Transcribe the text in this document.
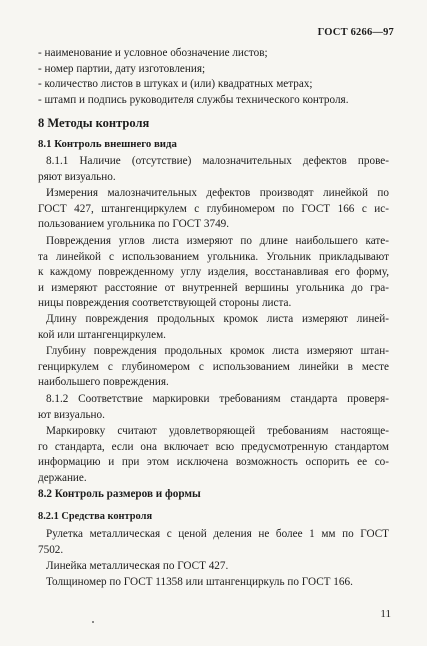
ГОСТ 6266—97
- наименование и условное обозначение листов;
- номер партии, дату изготовления;
- количество листов в штуках и (или) квадратных метрах;
- штамп и подпись руководителя службы технического контроля.
8 Методы контроля
8.1 Контроль внешнего вида
8.1.1 Наличие (отсутствие) малозначительных дефектов прове-
ряют визуально.
Измерения малозначительных дефектов производят линейкой по
ГОСТ 427, штангенциркулем с глубиномером по ГОСТ 166 с ис-
пользованием угольника по ГОСТ 3749.
Повреждения углов листа измеряют по длине наибольшего кате-
та линейкой с использованием угольника. Угольник прикладывают
к каждому поврежденному углу изделия, восстанавливая его форму,
и измеряют расстояние от внутренней вершины угольника до гра-
ницы повреждения соответствующей стороны листа.
Длину повреждения продольных кромок листа измеряют линей-
кой или штангенциркулем.
Глубину повреждения продольных кромок листа измеряют штан-
генциркулем с глубиномером с использованием линейки в месте
наибольшего повреждения.
8.1.2 Соответствие маркировки требованиям стандарта проверя-
ют визуально.
Маркировку считают удовлетворяющей требованиям настояще-
го стандарта, если она включает всю предусмотренную стандартом
информацию и при этом исключена возможность оспорить ее со-
держание.
8.2 Контроль размеров и формы
8.2.1 Средства контроля
Рулетка металлическая с ценой деления не более 1 мм по ГОСТ
7502.
Линейка металлическая по ГОСТ 427.
Толщиномер по ГОСТ 11358 или штангенциркуль по ГОСТ 166.
11
